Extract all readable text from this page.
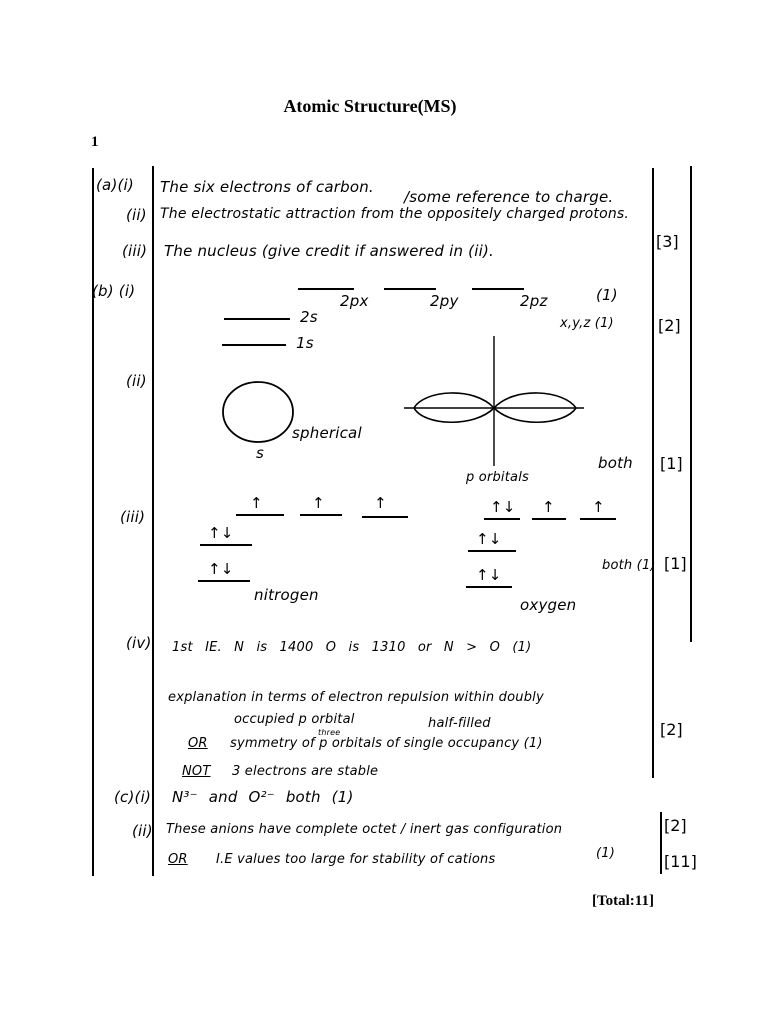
Atomic Structure(MS)
1
(a)(i) The six electrons of carbon.
/some reference to charge.
(ii) The electrostatic attraction from the oppositely charged protons.
(iii) The nucleus (give credit if answered in (ii).	[3]
(b) (i)
2px	2py	2pz	(1)
2s
1s
x,y,z (1)	[2]
(ii)
spherical
s
p orbitals
both [1]
(iii)
↑	↑	↑
↑↓
↑↓
nitrogen
↑↓ ↑ ↑
↑↓
↑↓
oxygen
both (1) [1]
(iv) 1st IE. N is 1400 O is 1310 or N > O (1)
explanation in terms of electron repulsion within doubly
occupied p orbital	half-filled
three
OR symmetry of p orbitals of single occupancy (1)
NOT 3 electrons are stable
[2]
(c)(i) N³⁻ and O²⁻ both (1)
(ii) These anions have complete octet / inert gas configuration
OR I.E values too large for stability of cations	(1)
[2]
[11]
[Total:11]
